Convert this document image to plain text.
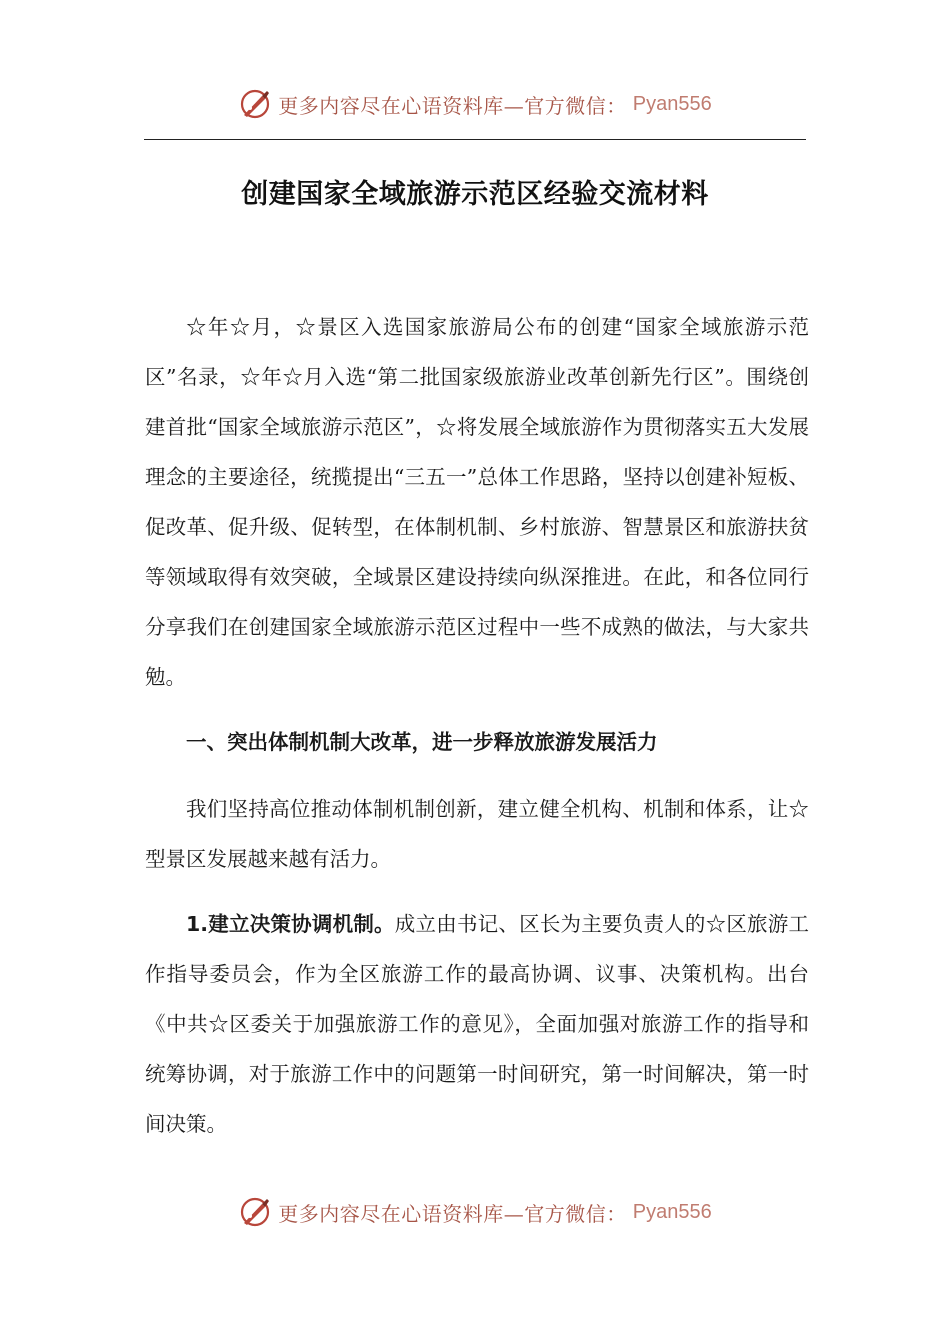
更多内容尽在心语资料库—官方微信： Pyan556
创建国家全域旅游示范区经验交流材料

☆年☆月，☆景区入选国家旅游局公布的创建“国家全域旅游示范区”名录，☆年☆月入选“第二批国家级旅游业改革创新先行区”。围绕创建首批“国家全域旅游示范区”，☆将发展全域旅游作为贯彻落实五大发展理念的主要途径，统揽提出“三五一”总体工作思路，坚持以创建补短板、促改革、促升级、促转型，在体制机制、乡村旅游、智慧景区和旅游扶贫等领域取得有效突破，全域景区建设持续向纵深推进。在此，和各位同行分享我们在创建国家全域旅游示范区过程中一些不成熟的做法，与大家共勉。

一、突出体制机制大改革，进一步释放旅游发展活力

我们坚持高位推动体制机制创新，建立健全机构、机制和体系，让☆型景区发展越来越有活力。

1.建立决策协调机制。成立由书记、区长为主要负责人的☆区旅游工作指导委员会，作为全区旅游工作的最高协调、议事、决策机构。出台《中共☆区委关于加强旅游工作的意见》，全面加强对旅游工作的指导和统筹协调，对于旅游工作中的问题第一时间研究，第一时间解决，第一时间决策。

更多内容尽在心语资料库—官方微信： Pyan556
